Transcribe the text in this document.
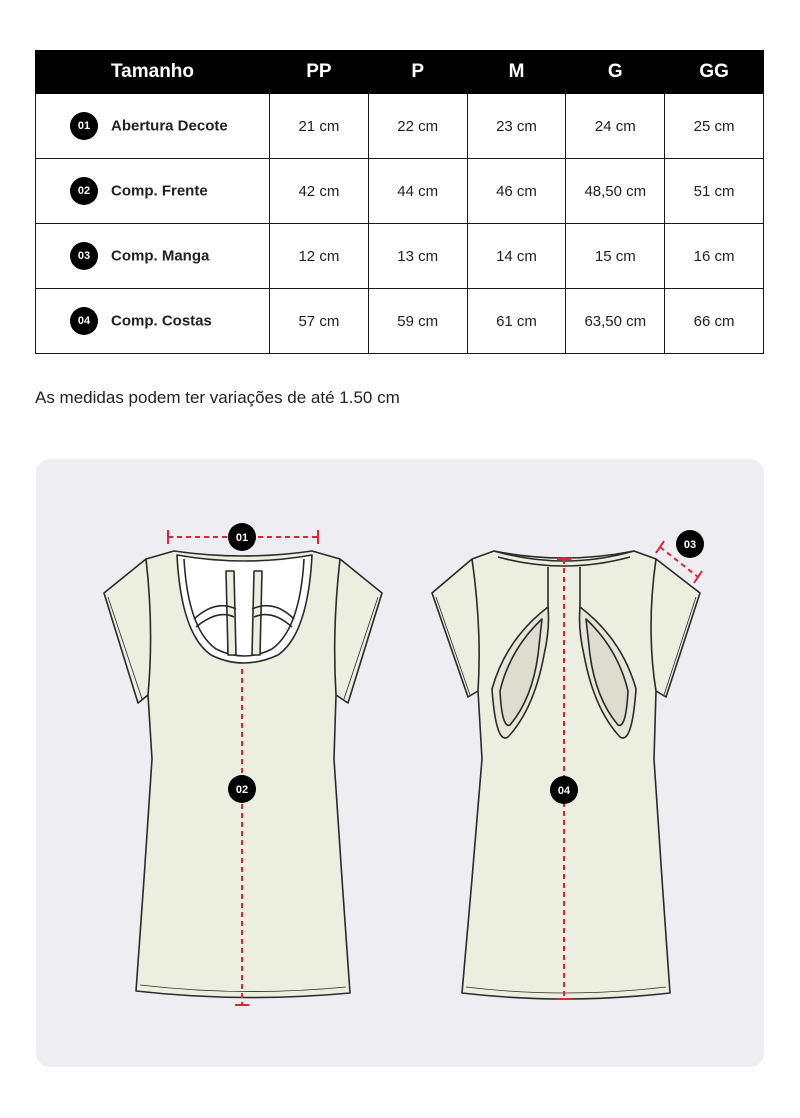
Tamanho	PP	P	M	G	GG
01 Abertura Decote	21 cm	22 cm	23 cm	24 cm	25 cm
02 Comp. Frente	42 cm	44 cm	46 cm	48,50 cm	51 cm
03 Comp. Manga	12 cm	13 cm	14 cm	15 cm	16 cm
04 Comp. Costas	57 cm	59 cm	61 cm	63,50 cm	66 cm
As medidas podem ter variações de até 1.50 cm
01
02
03
04
